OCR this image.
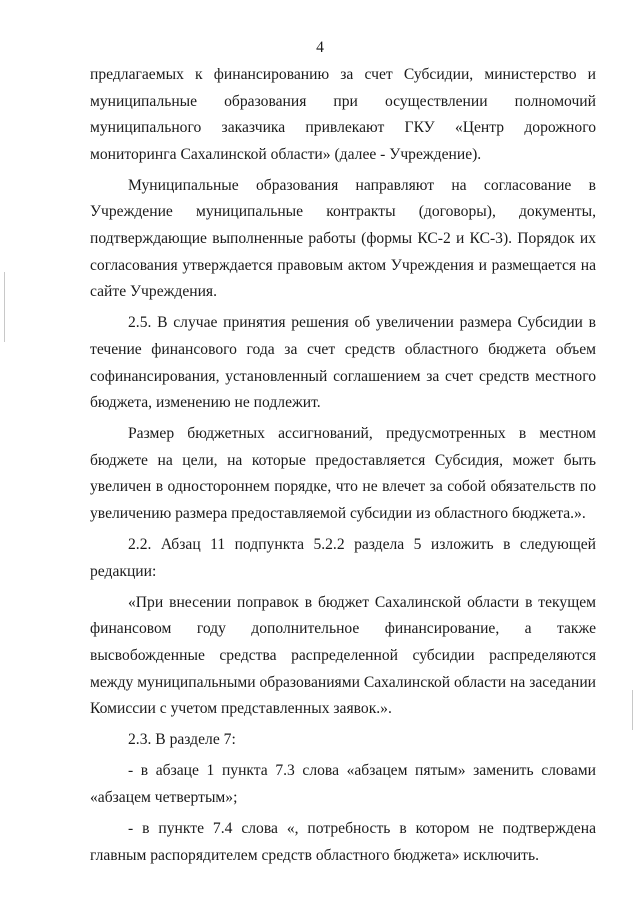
4

предлагаемых к финансированию за счет Субсидии, министерство и муниципальные образования при осуществлении полномочий муниципального заказчика привлекают ГКУ «Центр дорожного мониторинга Сахалинской области» (далее - Учреждение).

Муниципальные образования направляют на согласование в Учреждение муниципальные контракты (договоры), документы, подтверждающие выполненные работы (формы КС-2 и КС-3). Порядок их согласования утверждается правовым актом Учреждения и размещается на сайте Учреждения.

2.5. В случае принятия решения об увеличении размера Субсидии в течение финансового года за счет средств областного бюджета объем софинансирования, установленный соглашением за счет средств местного бюджета, изменению не подлежит.

Размер бюджетных ассигнований, предусмотренных в местном бюджете на цели, на которые предоставляется Субсидия, может быть увеличен в одностороннем порядке, что не влечет за собой обязательств по увеличению размера предоставляемой субсидии из областного бюджета.».

2.2. Абзац 11 подпункта 5.2.2 раздела 5 изложить в следующей редакции:

«При внесении поправок в бюджет Сахалинской области в текущем финансовом году дополнительное финансирование, а также высвобожденные средства распределенной субсидии распределяются между муниципальными образованиями Сахалинской области на заседании Комиссии с учетом представленных заявок.».

2.3. В разделе 7:

- в абзаце 1 пункта 7.3 слова «абзацем пятым» заменить словами «абзацем четвертым»;

- в пункте 7.4 слова «, потребность в котором не подтверждена главным распорядителем средств областного бюджета» исключить.
